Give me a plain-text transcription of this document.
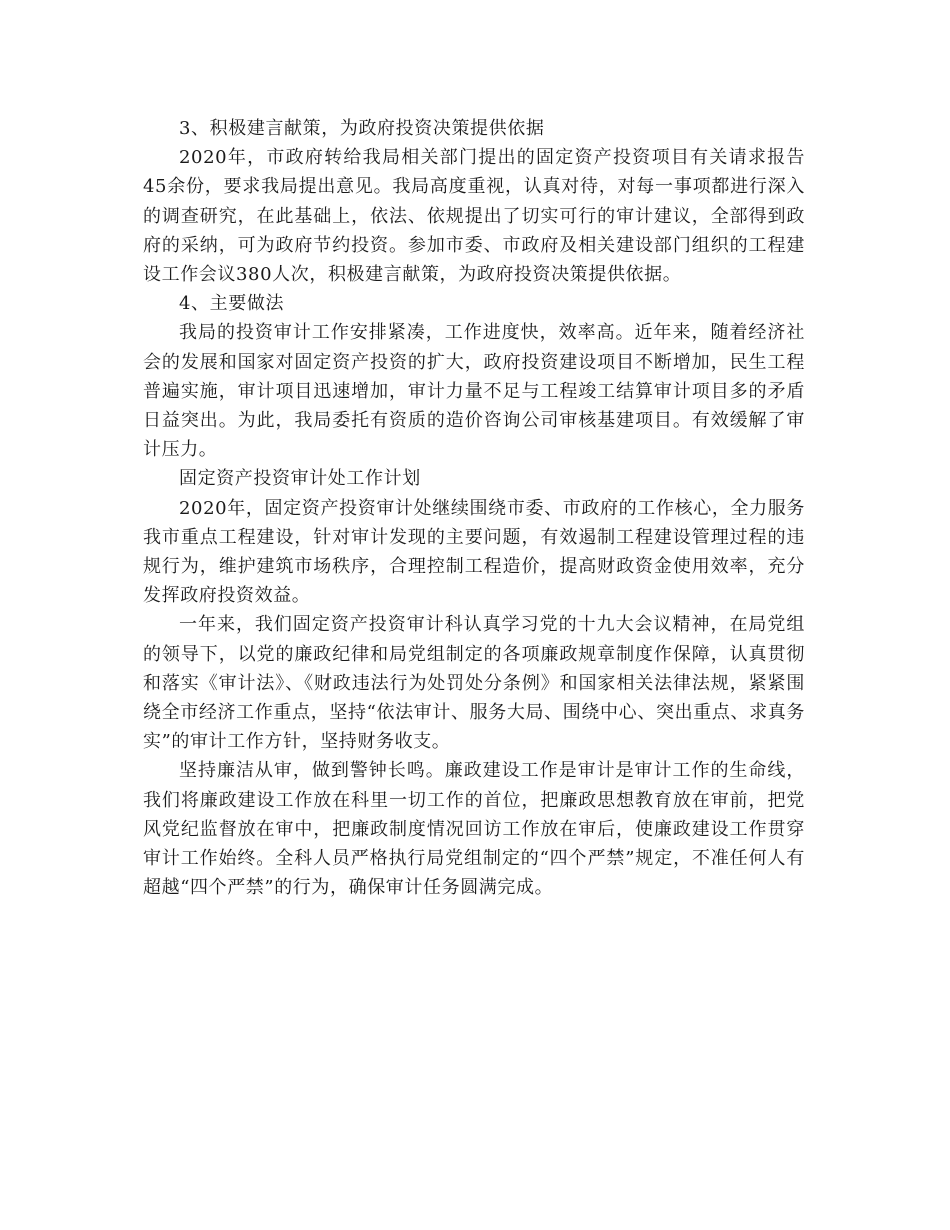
3、积极建言献策，为政府投资决策提供依据

2020年，市政府转给我局相关部门提出的固定资产投资项目有关请求报告45余份，要求我局提出意见。我局高度重视，认真对待，对每一事项都进行深入的调查研究，在此基础上，依法、依规提出了切实可行的审计建议，全部得到政府的采纳，可为政府节约投资。参加市委、市政府及相关建设部门组织的工程建设工作会议380人次，积极建言献策，为政府投资决策提供依据。

4、主要做法

我局的投资审计工作安排紧凑，工作进度快，效率高。近年来，随着经济社会的发展和国家对固定资产投资的扩大，政府投资建设项目不断增加，民生工程普遍实施，审计项目迅速增加，审计力量不足与工程竣工结算审计项目多的矛盾日益突出。为此，我局委托有资质的造价咨询公司审核基建项目。有效缓解了审计压力。

固定资产投资审计处工作计划

2020年，固定资产投资审计处继续围绕市委、市政府的工作核心，全力服务我市重点工程建设，针对审计发现的主要问题，有效遏制工程建设管理过程的违规行为，维护建筑市场秩序，合理控制工程造价，提高财政资金使用效率，充分发挥政府投资效益。

一年来，我们固定资产投资审计科认真学习党的十九大会议精神，在局党组的领导下，以党的廉政纪律和局党组制定的各项廉政规章制度作保障，认真贯彻和落实《审计法》、《财政违法行为处罚处分条例》和国家相关法律法规，紧紧围绕全市经济工作重点，坚持“依法审计、服务大局、围绕中心、突出重点、求真务实”的审计工作方针，坚持财务收支。

坚持廉洁从审，做到警钟长鸣。廉政建设工作是审计是审计工作的生命线，我们将廉政建设工作放在科里一切工作的首位，把廉政思想教育放在审前，把党风党纪监督放在审中，把廉政制度情况回访工作放在审后，使廉政建设工作贯穿审计工作始终。全科人员严格执行局党组制定的“四个严禁”规定，不准任何人有超越“四个严禁”的行为，确保审计任务圆满完成。
